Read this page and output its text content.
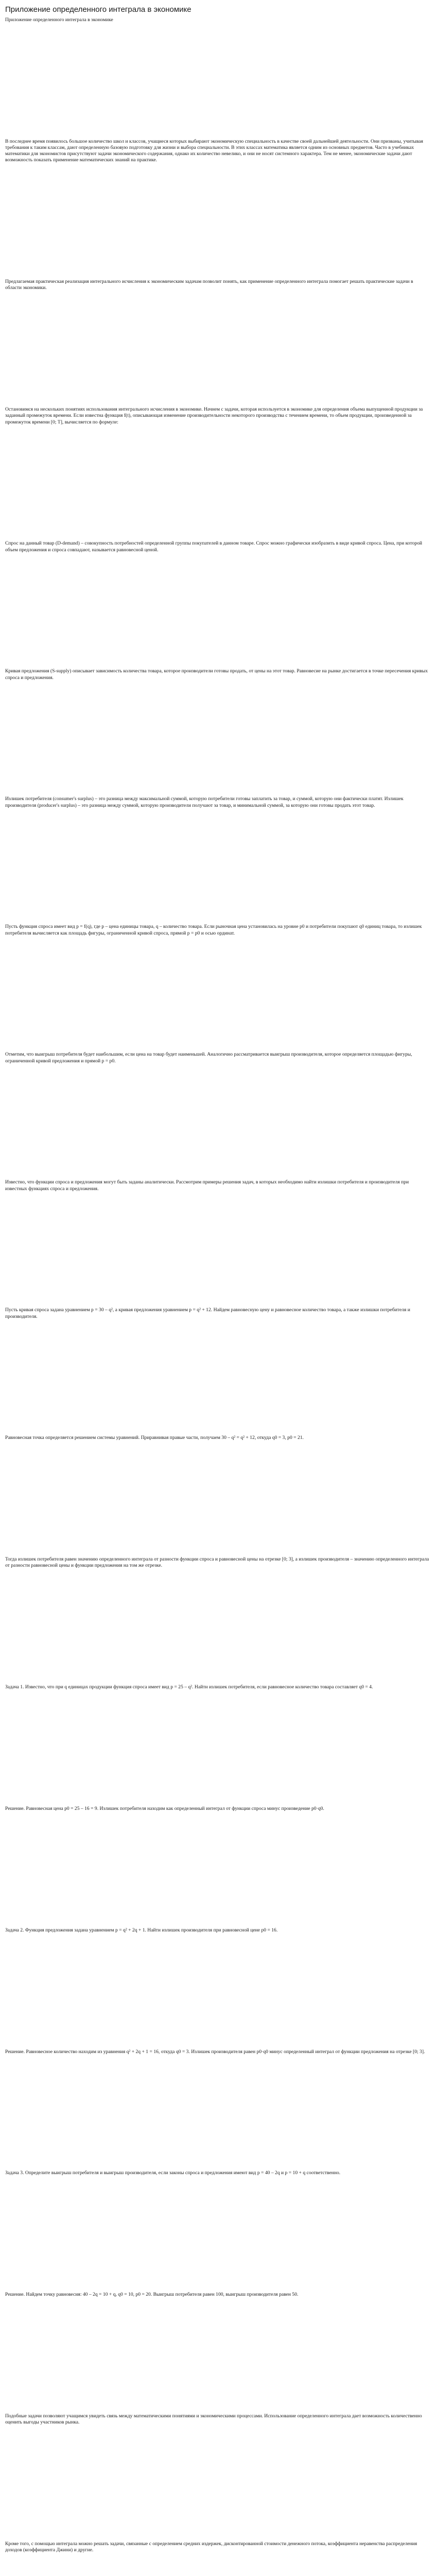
Приложение определенного интеграла в экономике

Приложение определенного интеграла в экономике

В последнее время появилось большое количество школ и классов, учащиеся которых выбирают экономическую специальность в качестве своей дальнейшей деятельности. Они призваны, учитывая требования к таким классам, дают определенную базовую подготовку для жизни и выбора специальности. В этих классах математика является одним из основных предметов. Часто в учебниках математики для экономистов присутствуют задачи экономического содержания, однако их количество невелико, и они не носят системного характера. Тем не менее, экономические задачи дают возможность показать применение математических знаний на практике.

Предлагаемая практическая реализация интегрального исчисления к экономическим задачам позволит понять, как применение определенного интеграла помогает решать практические задачи в области экономики.

Остановимся на нескольких понятиях использования интегрального исчисления в экономике. Начнем с задачи, которая используется в экономике для определения объема выпущенной продукции за заданный промежуток времени. Если известна функция f(t), описывающая изменение производительности некоторого производства с течением времени, то объем продукции, произведенной за промежуток времени [0; T], вычисляется по формуле:

Спрос на данный товар (D-demand) – совокупность потребностей определенной группы покупателей в данном товаре. Спрос можно графически изобразить в виде кривой спроса. Цена, при которой объем предложения и спроса совпадают, называется равновесной ценой.

Кривая предложения (S-supply) описывает зависимость количества товара, которое производители готовы продать, от цены на этот товар. Равновесие на рынке достигается в точке пересечения кривых спроса и предложения.

Излишек потребителя (consumer's surplus) – это разница между максимальной суммой, которую потребители готовы заплатить за товар, и суммой, которую они фактически платят. Излишек производителя (producer's surplus) – это разница между суммой, которую производители получают за товар, и минимальной суммой, за которую они готовы продать этот товар.

Пусть функция спроса имеет вид p = f(q), где p – цена единицы товара, q – количество товара. Если рыночная цена установилась на уровне p0 и потребители покупают q0 единиц товара, то излишек потребителя вычисляется как площадь фигуры, ограниченной кривой спроса, прямой p = p0 и осью ординат.

Отметим, что выигрыш потребителя будет наибольшим, если цена на товар будет наименьшей. Аналогично рассматривается выигрыш производителя, которое определяется площадью фигуры, ограниченной кривой предложения и прямой p = p0.

Известно, что функции спроса и предложения могут быть заданы аналитически. Рассмотрим примеры решения задач, в которых необходимо найти излишки потребителя и производителя при известных функциях спроса и предложения.

Пусть кривая спроса задана уравнением p = 30 – q², а кривая предложения уравнением p = q² + 12. Найдем равновесную цену и равновесное количество товара, а также излишки потребителя и производителя.

Равновесная точка определяется решением системы уравнений. Приравнивая правые части, получаем 30 – q² = q² + 12, откуда q0 = 3, p0 = 21.

Тогда излишек потребителя равен значению определенного интеграла от разности функции спроса и равновесной цены на отрезке [0; 3], а излишек производителя – значению определенного интеграла от разности равновесной цены и функции предложения на том же отрезке.

Задача 1. Известно, что при q единицах продукции функция спроса имеет вид p = 25 – q². Найти излишек потребителя, если равновесное количество товара составляет q0 = 4.

Решение. Равновесная цена p0 = 25 – 16 = 9. Излишек потребителя находим как определенный интеграл от функции спроса минус произведение p0·q0.

Задача 2. Функция предложения задана уравнением p = q² + 2q + 1. Найти излишек производителя при равновесной цене p0 = 16.

Решение. Равновесное количество находим из уравнения q² + 2q + 1 = 16, откуда q0 = 3. Излишек производителя равен p0·q0 минус определенный интеграл от функции предложения на отрезке [0; 3].

Задача 3. Определите выигрыш потребителя и выигрыш производителя, если законы спроса и предложения имеют вид p = 40 – 2q и p = 10 + q соответственно.

Решение. Найдем точку равновесия: 40 – 2q = 10 + q, q0 = 10, p0 = 20. Выигрыш потребителя равен 100, выигрыш производителя равен 50.

Подобные задачи позволяют учащимся увидеть связь между математическими понятиями и экономическими процессами. Использование определенного интеграла дает возможность количественно оценить выгоды участников рынка.

Кроме того, с помощью интеграла можно решать задачи, связанные с определением средних издержек, дисконтированной стоимости денежного потока, коэффициента неравенства распределения доходов (коэффициента Джини) и другие.
